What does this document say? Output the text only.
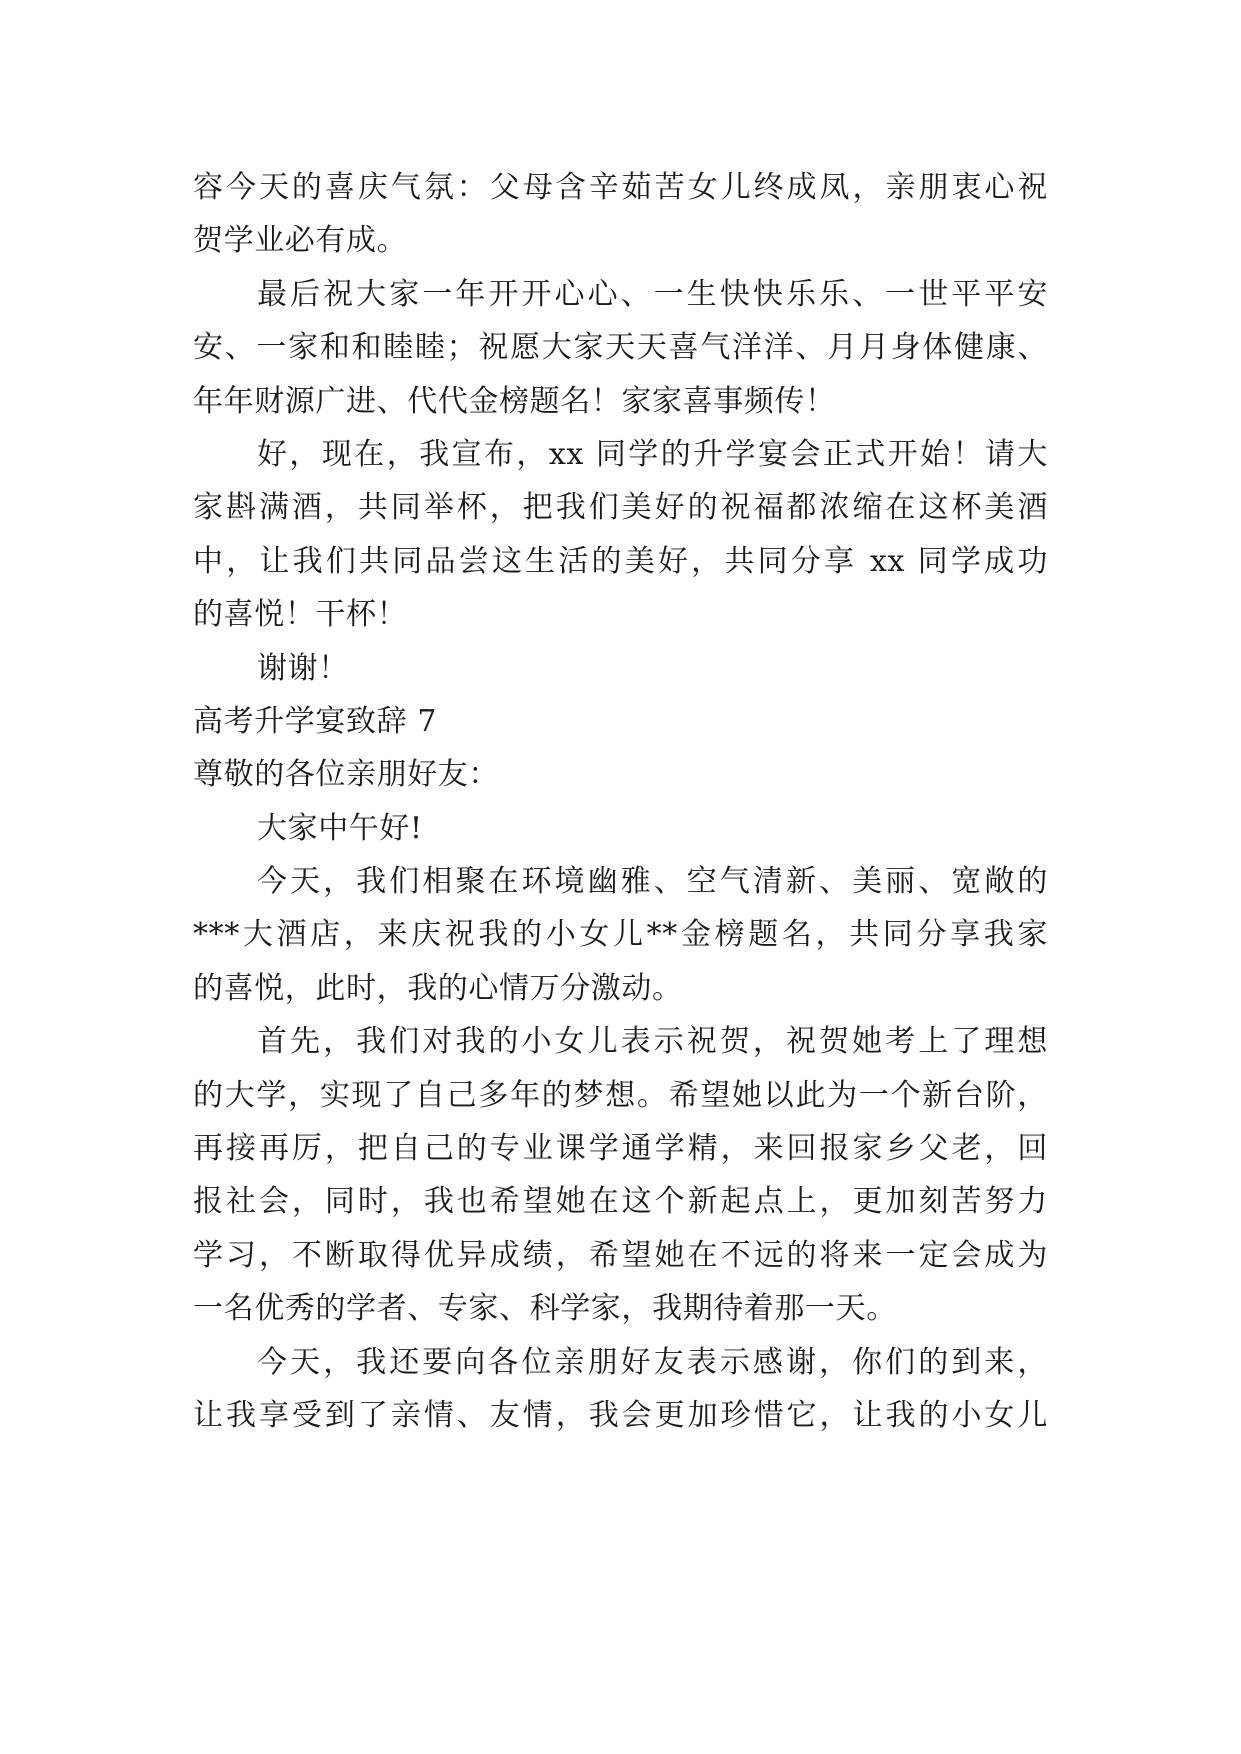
容今天的喜庆气氛：父母含辛茹苦女儿终成凤，亲朋衷心祝
贺学业必有成。
最后祝大家一年开开心心、一生快快乐乐、一世平平安
安、一家和和睦睦；祝愿大家天天喜气洋洋、月月身体健康、
年年财源广进、代代金榜题名！家家喜事频传！
好，现在，我宣布，xx 同学的升学宴会正式开始！请大
家斟满酒，共同举杯，把我们美好的祝福都浓缩在这杯美酒
中，让我们共同品尝这生活的美好，共同分享 xx 同学成功
的喜悦！干杯！
谢谢！
高考升学宴致辞 7
尊敬的各位亲朋好友：
大家中午好!
今天，我们相聚在环境幽雅、空气清新、美丽、宽敞的
***大酒店，来庆祝我的小女儿**金榜题名，共同分享我家
的喜悦，此时，我的心情万分激动。
首先，我们对我的小女儿表示祝贺，祝贺她考上了理想
的大学，实现了自己多年的梦想。希望她以此为一个新台阶，
再接再厉，把自己的专业课学通学精，来回报家乡父老，回
报社会，同时，我也希望她在这个新起点上，更加刻苦努力
学习，不断取得优异成绩，希望她在不远的将来一定会成为
一名优秀的学者、专家、科学家，我期待着那一天。
今天，我还要向各位亲朋好友表示感谢，你们的到来，
让我享受到了亲情、友情，我会更加珍惜它，让我的小女儿
